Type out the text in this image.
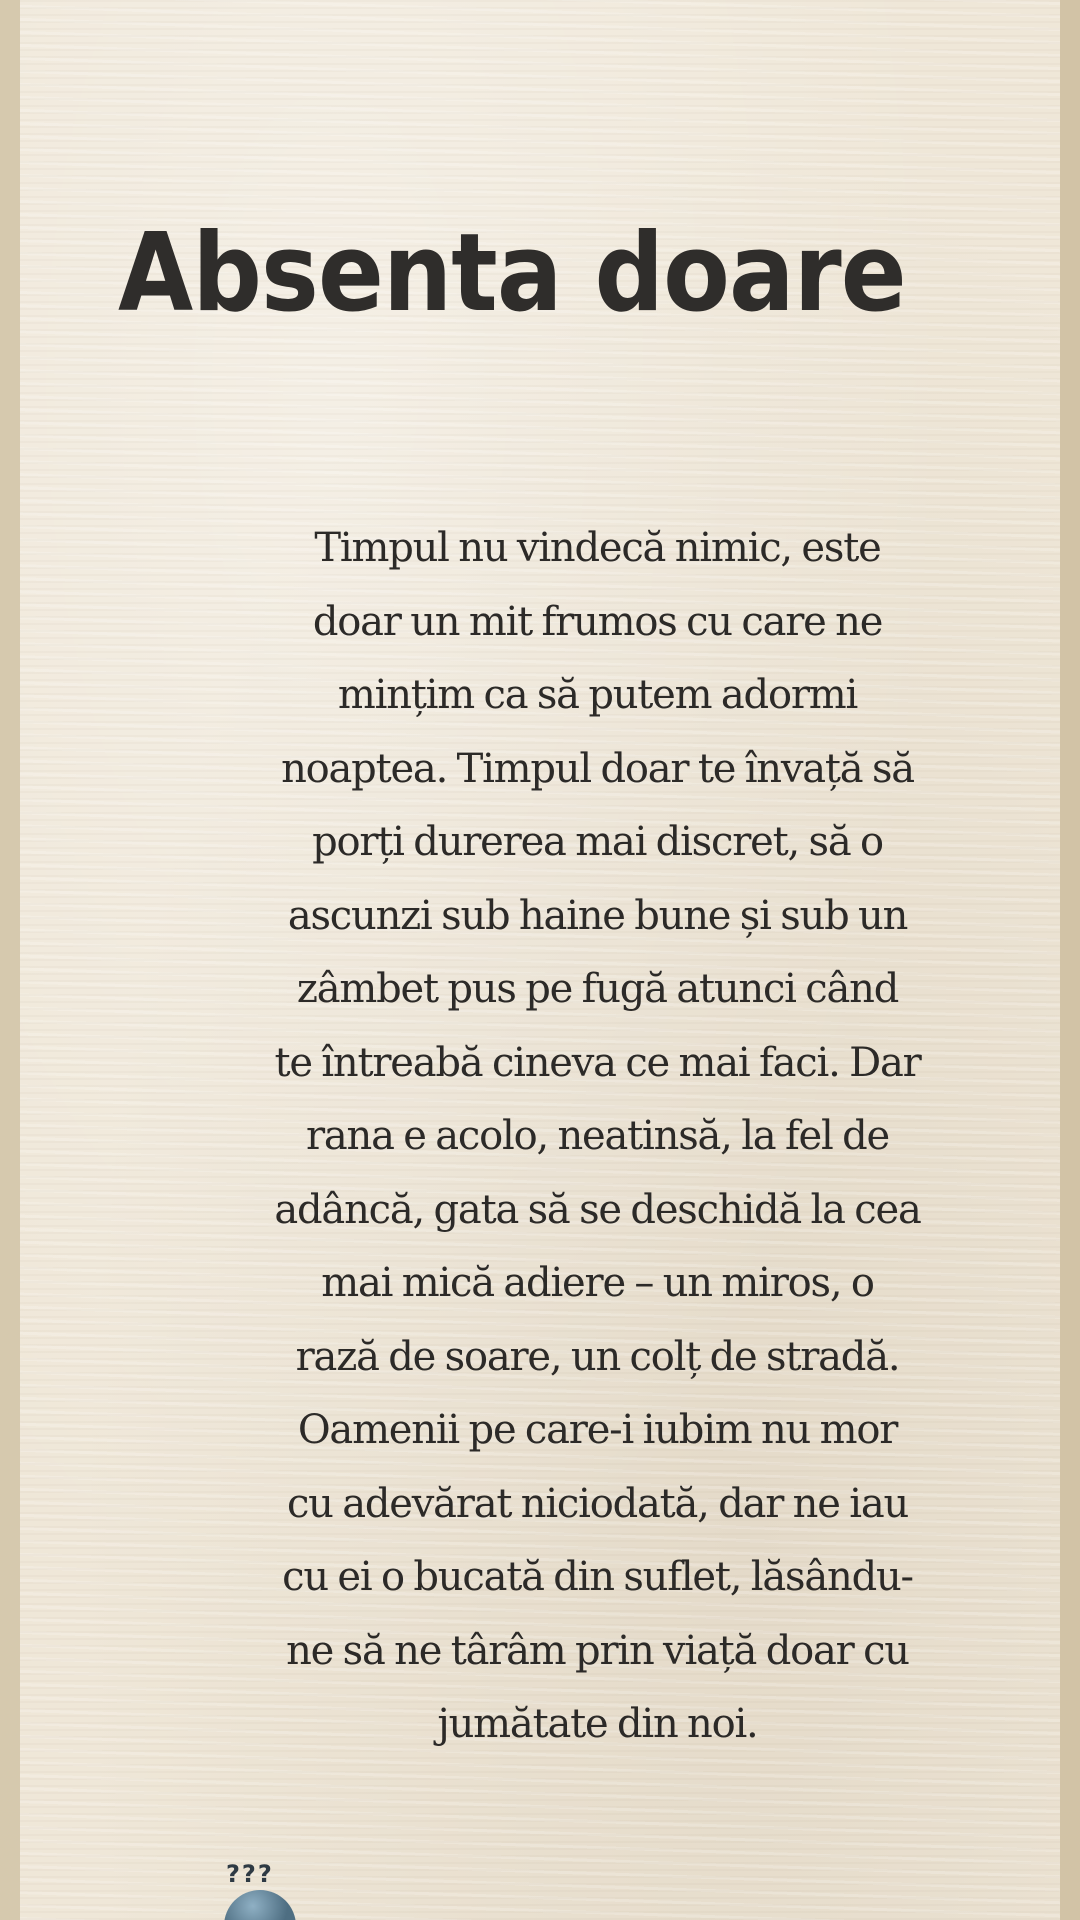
Absenta doare

Timpul nu vindecă nimic, este
doar un mit frumos cu care ne
mințim ca să putem adormi
noaptea. Timpul doar te învață să
porți durerea mai discret, să o
ascunzi sub haine bune și sub un
zâmbet pus pe fugă atunci când
te întreabă cineva ce mai faci. Dar
rana e acolo, neatinsă, la fel de
adâncă, gata să se deschidă la cea
mai mică adiere – un miros, o
rază de soare, un colț de stradă.
Oamenii pe care-i iubim nu mor
cu adevărat niciodată, dar ne iau
cu ei o bucată din suflet, lăsându-
ne să ne târâm prin viață doar cu
jumătate din noi.

???
